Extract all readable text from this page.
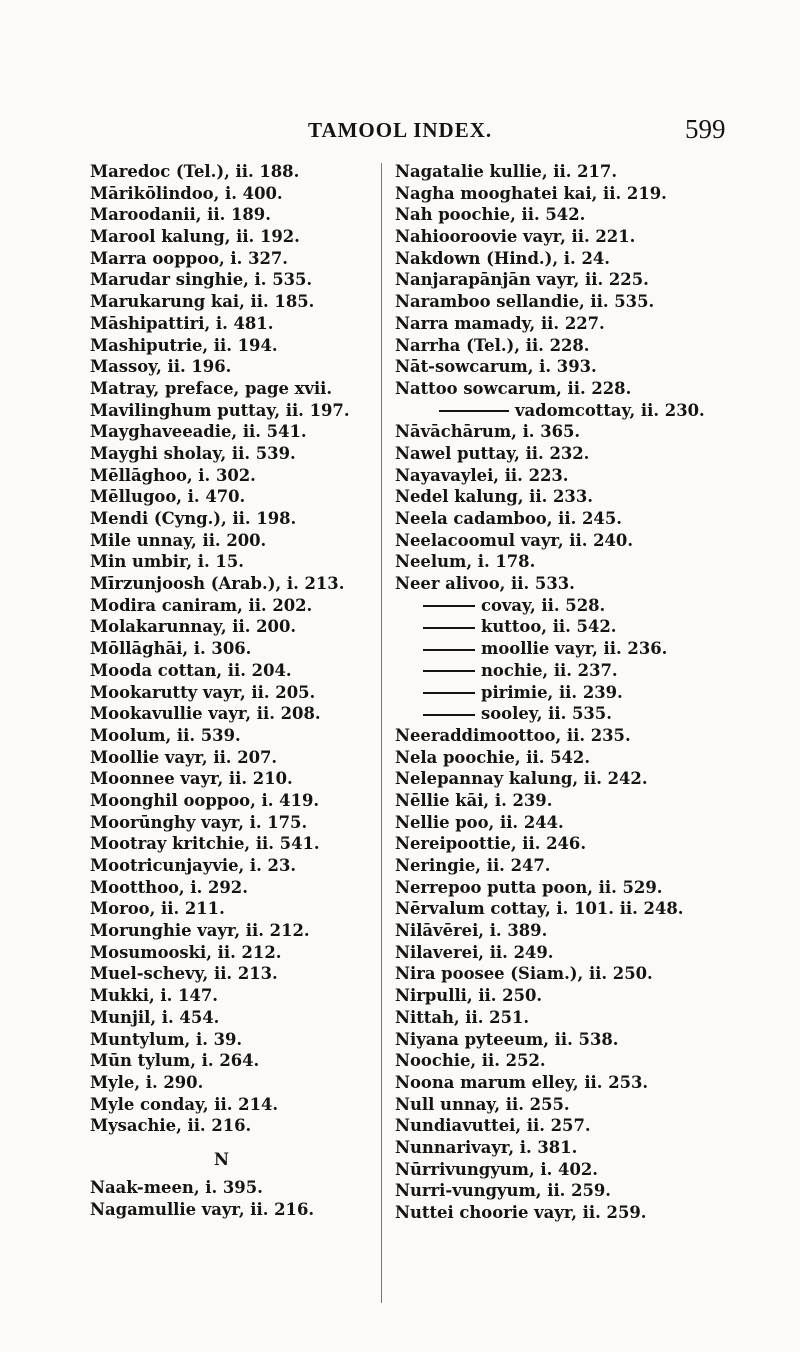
TAMOOL INDEX.	599
Maredoc (Tel.), ii. 188.
Mārikōlindoo, i. 400.
Maroodanii, ii. 189.
Marool kalung, ii. 192.
Marra ooppoo, i. 327.
Marudar singhie, i. 535.
Marukarung kai, ii. 185.
Māshipattiri, i. 481.
Mashiputrie, ii. 194.
Massoy, ii. 196.
Matray, preface, page xvii.
Mavilinghum puttay, ii. 197.
Mayghaveeadie, ii. 541.
Mayghi sholay, ii. 539.
Mēllāghoo, i. 302.
Mēllugoo, i. 470.
Mendi (Cyng.), ii. 198.
Mile unnay, ii. 200.
Min umbir, i. 15.
Mīrzunjoosh (Arab.), i. 213.
Modira caniram, ii. 202.
Molakarunnay, ii. 200.
Mōllāghāi, i. 306.
Mooda cottan, ii. 204.
Mookarutty vayr, ii. 205.
Mookavullie vayr, ii. 208.
Moolum, ii. 539.
Moollie vayr, ii. 207.
Moonnee vayr, ii. 210.
Moonghil ooppoo, i. 419.
Moorūnghy vayr, i. 175.
Mootray kritchie, ii. 541.
Mootricunjayvie, i. 23.
Mootthoo, i. 292.
Moroo, ii. 211.
Morunghie vayr, ii. 212.
Mosumooski, ii. 212.
Muel-schevy, ii. 213.
Mukki, i. 147.
Munjil, i. 454.
Muntylum, i. 39.
Mūn tylum, i. 264.
Myle, i. 290.
Myle conday, ii. 214.
Mysachie, ii. 216.
N
Naak-meen, i. 395.
Nagamullie vayr, ii. 216.
Nagatalie kullie, ii. 217.
Nagha mooghatei kai, ii. 219.
Nah poochie, ii. 542.
Nahiooroovie vayr, ii. 221.
Nakdown (Hind.), i. 24.
Nanjarapānjān vayr, ii. 225.
Naramboo sellandie, ii. 535.
Narra mamady, ii. 227.
Narrha (Tel.), ii. 228.
Nāt-sowcarum, i. 393.
Nattoo sowcarum, ii. 228.
vadomcottay, ii. 230.
Nāvāchārum, i. 365.
Nawel puttay, ii. 232.
Nayavaylei, ii. 223.
Nedel kalung, ii. 233.
Neela cadamboo, ii. 245.
Neelacoomul vayr, ii. 240.
Neelum, i. 178.
Neer alivoo, ii. 533.
covay, ii. 528.
kuttoo, ii. 542.
moollie vayr, ii. 236.
nochie, ii. 237.
pirimie, ii. 239.
sooley, ii. 535.
Neeraddimoottoo, ii. 235.
Nela poochie, ii. 542.
Nelepannay kalung, ii. 242.
Nēllie kāi, i. 239.
Nellie poo, ii. 244.
Nereipoottie, ii. 246.
Neringie, ii. 247.
Nerrepoo putta poon, ii. 529.
Nērvalum cottay, i. 101. ii. 248.
Nilāvērei, i. 389.
Nilaverei, ii. 249.
Nira poosee (Siam.), ii. 250.
Nirpulli, ii. 250.
Nittah, ii. 251.
Niyana pyteeum, ii. 538.
Noochie, ii. 252.
Noona marum elley, ii. 253.
Null unnay, ii. 255.
Nundiavuttei, ii. 257.
Nunnarivayr, i. 381.
Nūrrivungyum, i. 402.
Nurri-vungyum, ii. 259.
Nuttei choorie vayr, ii. 259.
